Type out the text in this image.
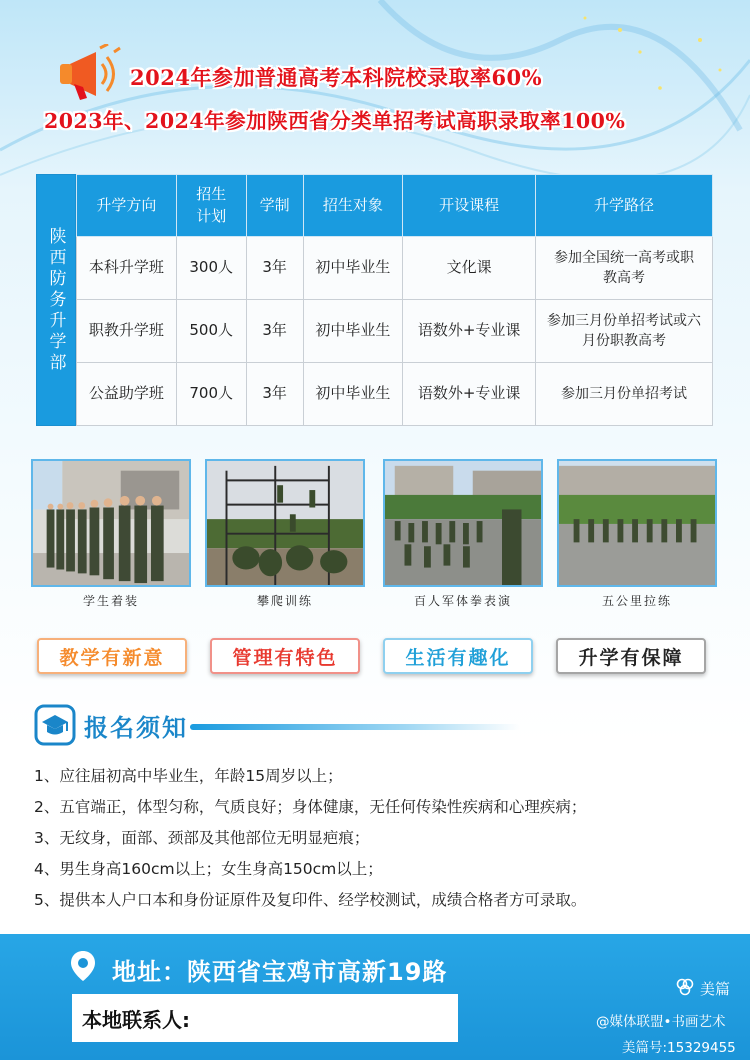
2024年参加普通高考本科院校录取率60%
2023年、2024年参加陕西省分类单招考试高职录取率100%
陕西防务升学部
升学方向	招生计划	学制	招生对象	开设课程	升学路径
本科升学班	300人	3年	初中毕业生	文化课	参加全国统一高考或职教高考
职教升学班	500人	3年	初中毕业生	语数外+专业课	参加三月份单招考试或六月份职教高考
公益助学班	700人	3年	初中毕业生	语数外+专业课	参加三月份单招考试
学生着装	攀爬训练	百人军体拳表演	五公里拉练
教学有新意	管理有特色	生活有趣化	升学有保障
报名须知
1、应往届初高中毕业生，年龄15周岁以上；
2、五官端正，体型匀称，气质良好；身体健康，无任何传染性疾病和心理疾病；
3、无纹身，面部、颈部及其他部位无明显疤痕；
4、男生身高160cm以上；女生身高150cm以上；
5、提供本人户口本和身份证原件及复印件、经学校测试，成绩合格者方可录取。
地址：陕西省宝鸡市高新19路
本地联系人:
美篇
@媒体联盟•书画艺术
美篇号:15329455
